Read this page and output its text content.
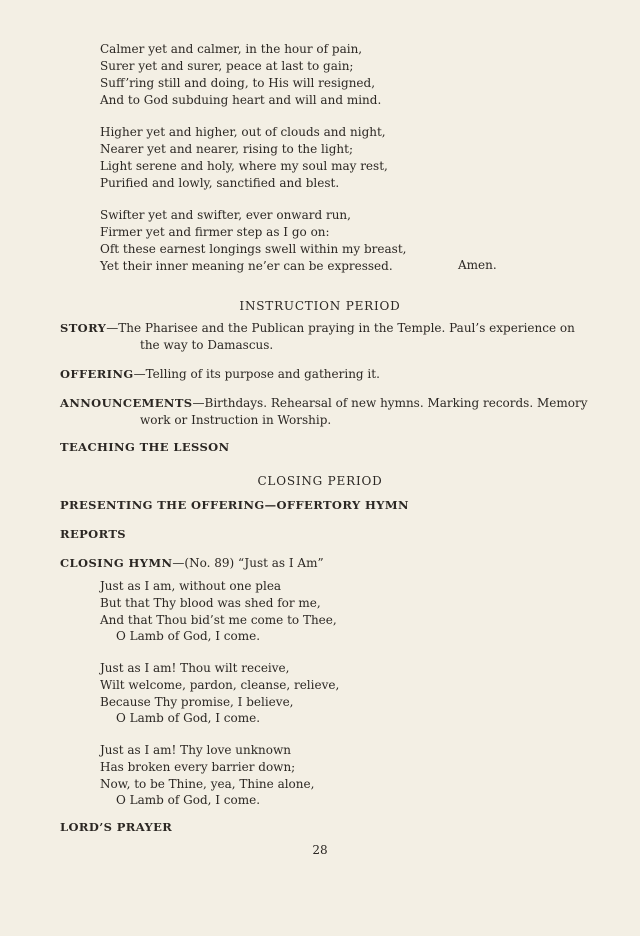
Calmer yet and calmer, in the hour of pain,
Surer yet and surer, peace at last to gain;
Suff’ring still and doing, to His will resigned,
And to God subduing heart and will and mind.
Higher yet and higher, out of clouds and night,
Nearer yet and nearer, rising to the light;
Light serene and holy, where my soul may rest,
Purified and lowly, sanctified and blest.
Swifter yet and swifter, ever onward run,
Firmer yet and firmer step as I go on:
Oft these earnest longings swell within my breast,
Yet their inner meaning ne’er can be expressed.	Amen.
INSTRUCTION PERIOD
STORY—The Pharisee and the Publican praying in the Temple. Paul’s experience on
the way to Damascus.
OFFERING—Telling of its purpose and gathering it.
ANNOUNCEMENTS—Birthdays. Rehearsal of new hymns. Marking records. Memory
work or Instruction in Worship.
TEACHING THE LESSON
CLOSING PERIOD
PRESENTING THE OFFERING—OFFERTORY HYMN
REPORTS
CLOSING HYMN—(No. 89) “Just as I Am”
Just as I am, without one plea
But that Thy blood was shed for me,
And that Thou bid’st me come to Thee,
O Lamb of God, I come.
Just as I am! Thou wilt receive,
Wilt welcome, pardon, cleanse, relieve,
Because Thy promise, I believe,
O Lamb of God, I come.
Just as I am! Thy love unknown
Has broken every barrier down;
Now, to be Thine, yea, Thine alone,
O Lamb of God, I come.
LORD’S PRAYER
28
